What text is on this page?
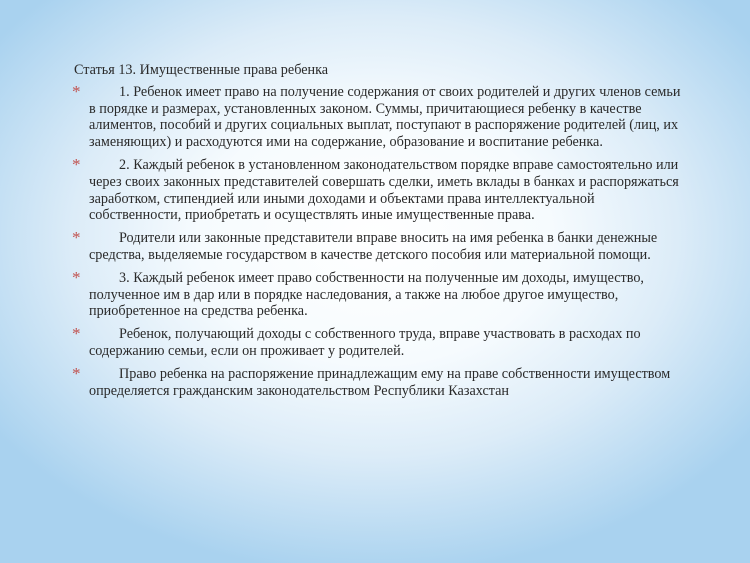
Статья 13. Имущественные права ребенка
*	1. Ребенок имеет право на получение содержания от своих родителей и других членов семьи в порядке и размерах, установленных законом. Суммы, причитающиеся ребенку в качестве алиментов, пособий и других социальных выплат, поступают в распоряжение родителей (лиц, их заменяющих) и расходуются ими на содержание, образование и воспитание ребенка.
*	2. Каждый ребенок в установленном законодательством порядке вправе самостоятельно или через своих законных представителей совершать сделки, иметь вклады в банках и распоряжаться заработком, стипендией или иными доходами и объектами права интеллектуальной собственности, приобретать и осуществлять иные имущественные права.
*	Родители или законные представители вправе вносить на имя ребенка в банки денежные средства, выделяемые государством в качестве детского пособия или материальной помощи.
*	3. Каждый ребенок имеет право собственности на полученные им доходы, имущество, полученное им в дар или в порядке наследования, а также на любое другое имущество, приобретенное на средства ребенка.
*	Ребенок, получающий доходы с собственного труда, вправе участвовать в расходах по содержанию семьи, если он проживает у родителей.
*	Право ребенка на распоряжение принадлежащим ему на праве собственности имуществом определяется гражданским законодательством Республики Казахстан
